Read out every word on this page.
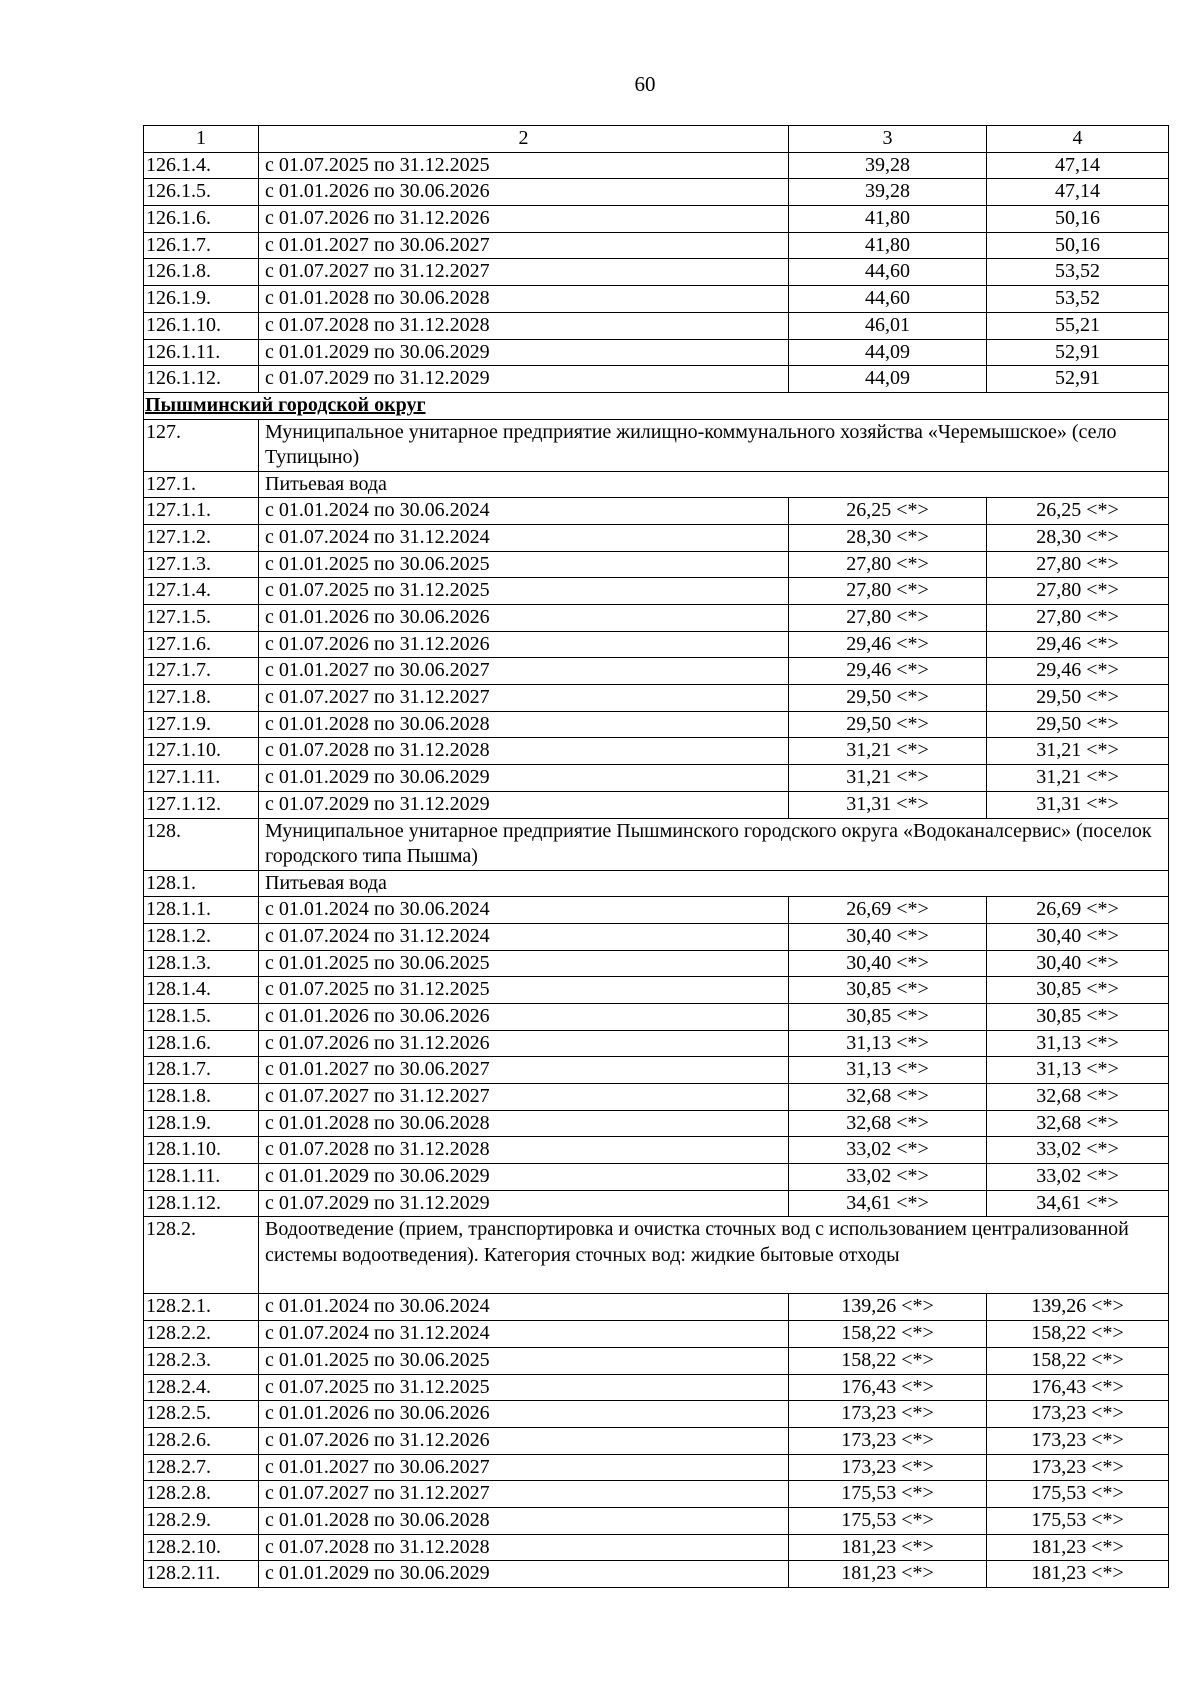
60
1	2	3	4
126.1.4.	с 01.07.2025 по 31.12.2025	39,28	47,14
126.1.5.	с 01.01.2026 по 30.06.2026	39,28	47,14
126.1.6.	с 01.07.2026 по 31.12.2026	41,80	50,16
126.1.7.	с 01.01.2027 по 30.06.2027	41,80	50,16
126.1.8.	с 01.07.2027 по 31.12.2027	44,60	53,52
126.1.9.	с 01.01.2028 по 30.06.2028	44,60	53,52
126.1.10.	с 01.07.2028 по 31.12.2028	46,01	55,21
126.1.11.	с 01.01.2029 по 30.06.2029	44,09	52,91
126.1.12.	с 01.07.2029 по 31.12.2029	44,09	52,91
Пышминский городской округ			
127.	Муниципальное унитарное предприятие жилищно-коммунального хозяйства «Черемышское» (село Тупицыно)		
127.1.	Питьевая вода		
127.1.1.	с 01.01.2024 по 30.06.2024	26,25 <*>	26,25 <*>
127.1.2.	с 01.07.2024 по 31.12.2024	28,30 <*>	28,30 <*>
127.1.3.	с 01.01.2025 по 30.06.2025	27,80 <*>	27,80 <*>
127.1.4.	с 01.07.2025 по 31.12.2025	27,80 <*>	27,80 <*>
127.1.5.	с 01.01.2026 по 30.06.2026	27,80 <*>	27,80 <*>
127.1.6.	с 01.07.2026 по 31.12.2026	29,46 <*>	29,46 <*>
127.1.7.	с 01.01.2027 по 30.06.2027	29,46 <*>	29,46 <*>
127.1.8.	с 01.07.2027 по 31.12.2027	29,50 <*>	29,50 <*>
127.1.9.	с 01.01.2028 по 30.06.2028	29,50 <*>	29,50 <*>
127.1.10.	с 01.07.2028 по 31.12.2028	31,21 <*>	31,21 <*>
127.1.11.	с 01.01.2029 по 30.06.2029	31,21 <*>	31,21 <*>
127.1.12.	с 01.07.2029 по 31.12.2029	31,31 <*>	31,31 <*>
128.	Муниципальное унитарное предприятие Пышминского городского округа «Водоканалсервис» (поселок городского типа Пышма)		
128.1.	Питьевая вода		
128.1.1.	с 01.01.2024 по 30.06.2024	26,69 <*>	26,69 <*>
128.1.2.	с 01.07.2024 по 31.12.2024	30,40 <*>	30,40 <*>
128.1.3.	с 01.01.2025 по 30.06.2025	30,40 <*>	30,40 <*>
128.1.4.	с 01.07.2025 по 31.12.2025	30,85 <*>	30,85 <*>
128.1.5.	с 01.01.2026 по 30.06.2026	30,85 <*>	30,85 <*>
128.1.6.	с 01.07.2026 по 31.12.2026	31,13 <*>	31,13 <*>
128.1.7.	с 01.01.2027 по 30.06.2027	31,13 <*>	31,13 <*>
128.1.8.	с 01.07.2027 по 31.12.2027	32,68 <*>	32,68 <*>
128.1.9.	с 01.01.2028 по 30.06.2028	32,68 <*>	32,68 <*>
128.1.10.	с 01.07.2028 по 31.12.2028	33,02 <*>	33,02 <*>
128.1.11.	с 01.01.2029 по 30.06.2029	33,02 <*>	33,02 <*>
128.1.12.	с 01.07.2029 по 31.12.2029	34,61 <*>	34,61 <*>
128.2.	Водоотведение (прием, транспортировка и очистка сточных вод с использованием централизованной системы водоотведения). Категория сточных вод: жидкие бытовые отходы		
128.2.1.	с 01.01.2024 по 30.06.2024	139,26 <*>	139,26 <*>
128.2.2.	с 01.07.2024 по 31.12.2024	158,22 <*>	158,22 <*>
128.2.3.	с 01.01.2025 по 30.06.2025	158,22 <*>	158,22 <*>
128.2.4.	с 01.07.2025 по 31.12.2025	176,43 <*>	176,43 <*>
128.2.5.	с 01.01.2026 по 30.06.2026	173,23 <*>	173,23 <*>
128.2.6.	с 01.07.2026 по 31.12.2026	173,23 <*>	173,23 <*>
128.2.7.	с 01.01.2027 по 30.06.2027	173,23 <*>	173,23 <*>
128.2.8.	с 01.07.2027 по 31.12.2027	175,53 <*>	175,53 <*>
128.2.9.	с 01.01.2028 по 30.06.2028	175,53 <*>	175,53 <*>
128.2.10.	с 01.07.2028 по 31.12.2028	181,23 <*>	181,23 <*>
128.2.11.	с 01.01.2029 по 30.06.2029	181,23 <*>	181,23 <*>
